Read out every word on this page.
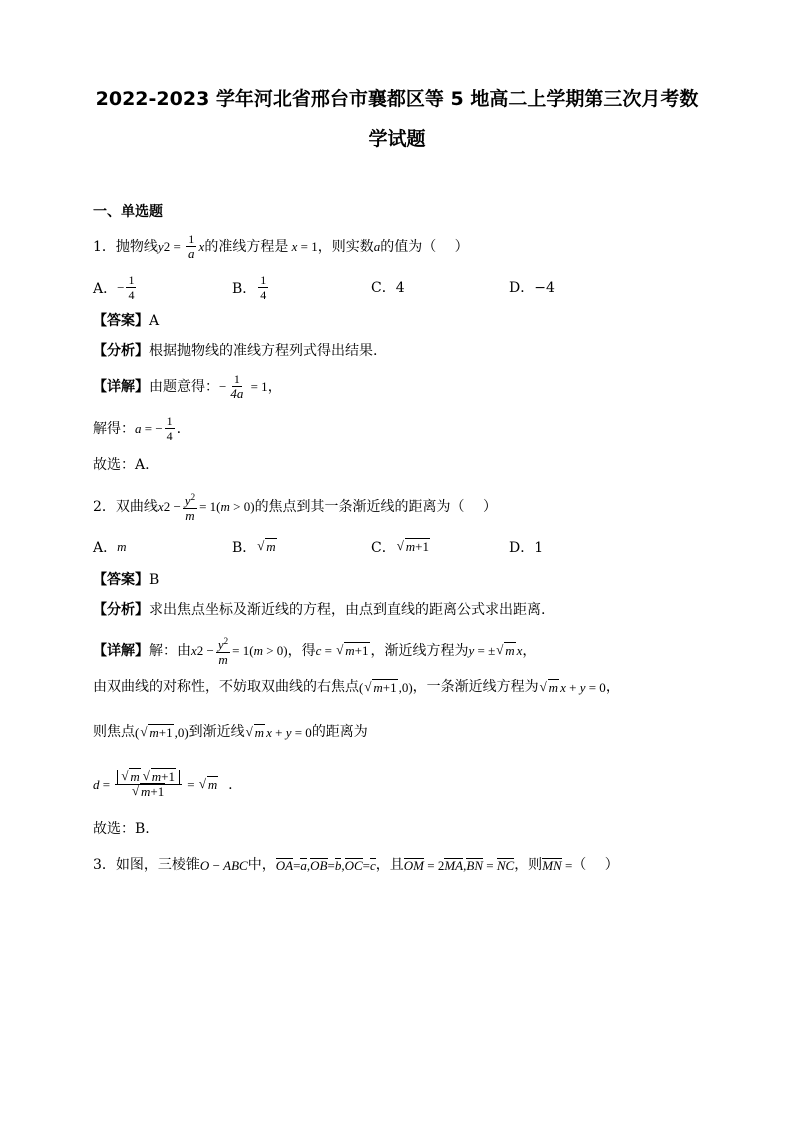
2022-2023 学年河北省邢台市襄都区等 5 地高二上学期第三次月考数
学试题
一、单选题
1．抛物线 y $2 = \frac{1}{a}$ x 的准线方程是 x = 1 ，则实数 a 的值为（　 ）
A． − $\frac{1}{4}$	B． $\frac{1}{4}$	C．4	D．−4
【答案】 A
【分析】 根据抛物线的准线方程列式得出结果.
【详解】 由题意得： − $\frac{1}{4a} = 1$ ，
解得： a = − $\frac{1}{4}$ .
故选：A.
2．双曲线 x $2 - \frac{y^2}{m} = 1$( m > 0) 的焦点到其一条渐近线的距离为（　 ）
A． m	B． √ m	C． √ m+1	D．1
【答案】 B
【分析】 求出焦点坐标及渐近线的方程，由点到直线的距离公式求出距离.
【详解】 解：由 x $2 - \frac{y^2}{m} = 1$( m > 0) ，得 c = √ m+1 ，渐近线方程为 y = ± √ m x ，
由双曲线的对称性，不妨取双曲线的右焦点 ( √ m+1 ,0) ，一条渐近线方程为 √ m x + y = 0 ，
则焦点 ( √ m+1 ,0) 到渐近线 √ m x + y = 0 的距离为
d = √ m √ m+1
√ m+1 = √ m .
故选：B.
3．如图，三棱锥 O − ABC 中， OA = a , OB = b , OC = c ，且 OM = 2 MA , BN = NC ，则 MN = （　 ）
